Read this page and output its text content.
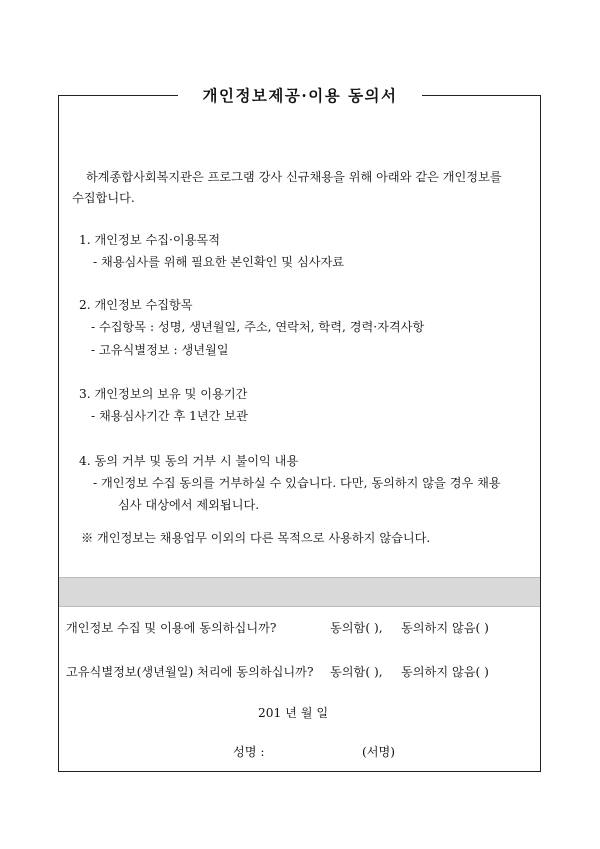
개인정보제공·이용 동의서
하계종합사회복지관은 프로그램 강사 신규채용을 위해 아래와 같은 개인정보를
수집합니다.
1. 개인정보 수집·이용목적
- 채용심사를 위해 필요한 본인확인 및 심사자료
2. 개인정보 수집항목
- 수집항목 : 성명, 생년월일, 주소, 연락처, 학력, 경력·자격사항
- 고유식별정보 : 생년월일
3. 개인정보의 보유 및 이용기간
- 채용심사기간 후 1년간 보관
4. 동의 거부 및 동의 거부 시 불이익 내용
- 개인정보 수집 동의를 거부하실 수 있습니다. 다만, 동의하지 않을 경우 채용
심사 대상에서 제외됩니다.
※ 개인정보는 채용업무 이외의 다른 목적으로 사용하지 않습니다.
개인정보 수집 및 이용에 동의하십니까?	동의함( ), 동의하지 않음( )
고유식별정보(생년월일) 처리에 동의하십니까? 동의함( ), 동의하지 않음( )
201 년 월 일
성명 :	(서명)
